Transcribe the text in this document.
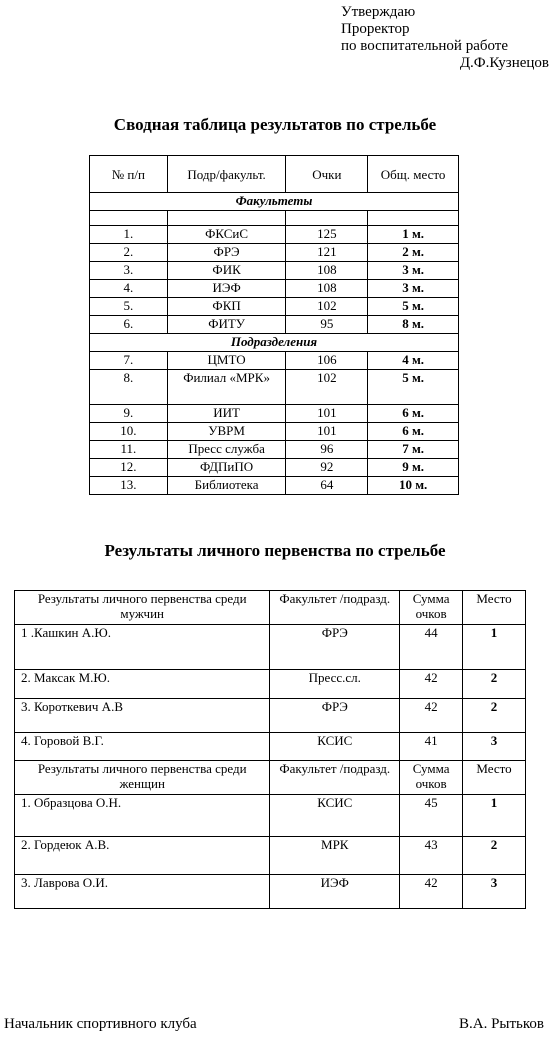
Утверждаю
Проректор
по воспитательной работе
Д.Ф.Кузнецов
Сводная таблица результатов по стрельбе
№ п/п	Подр/факульт.	Очки	Общ. место
Факультеты			

1.	ФКСиС	125	1 м.
2.	ФРЭ	121	2 м.
3.	ФИК	108	3 м.
4.	ИЭФ	108	3 м.
5.	ФКП	102	5 м.
6.	ФИТУ	95	8 м.
Подразделения			
7.	ЦМТО	106	4 м.
8.	Филиал «МРК»	102	5 м.
9.	ИИТ	101	6 м.
10.	УВРМ	101	6 м.
11.	Пресс служба	96	7 м.
12.	ФДПиПО	92	9 м.
13.	Библиотека	64	10 м.
Результаты личного первенства по стрельбе
Результаты личного первенства среди мужчин	Факультет /подразд.	Сумма очков	Место
1 .Кашкин А.Ю.	ФРЭ	44	1
2. Максак М.Ю.	Пресс.сл.	42	2
3. Короткевич А.В	ФРЭ	42	2
4. Горовой В.Г.	КСИС	41	3
Результаты личного первенства среди женщин	Факультет /подразд.	Сумма очков	Место
1. Образцова О.Н.	КСИС	45	1
2. Гордеюк А.В.	МРК	43	2
3. Лаврова О.И.	ИЭФ	42	3
Начальник спортивного клуба	В.А. Рытьков
